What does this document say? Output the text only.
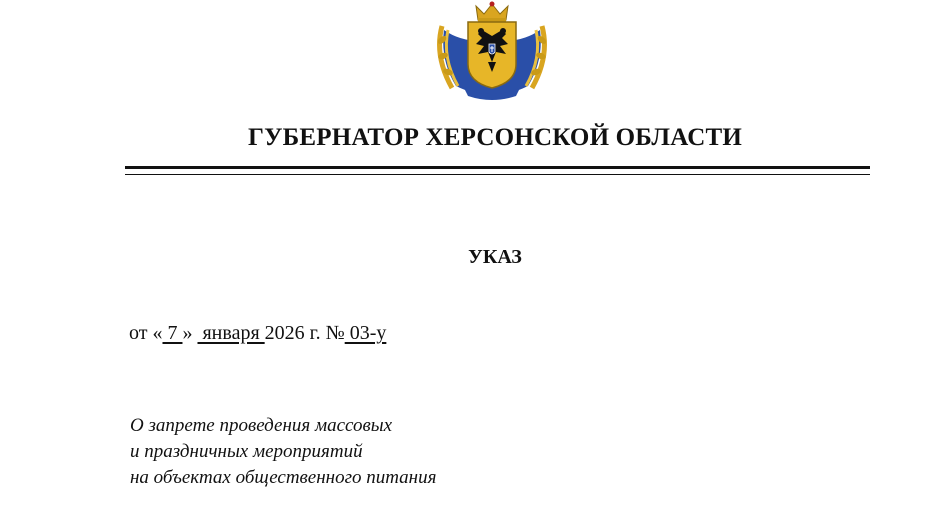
ГУБЕРНАТОР ХЕРСОНСКОЙ ОБЛАСТИ
УКАЗ
от « 7 »  января 2026 г. № 03-у
О запрете проведения массовых
и праздничных мероприятий
на объектах общественного питания
